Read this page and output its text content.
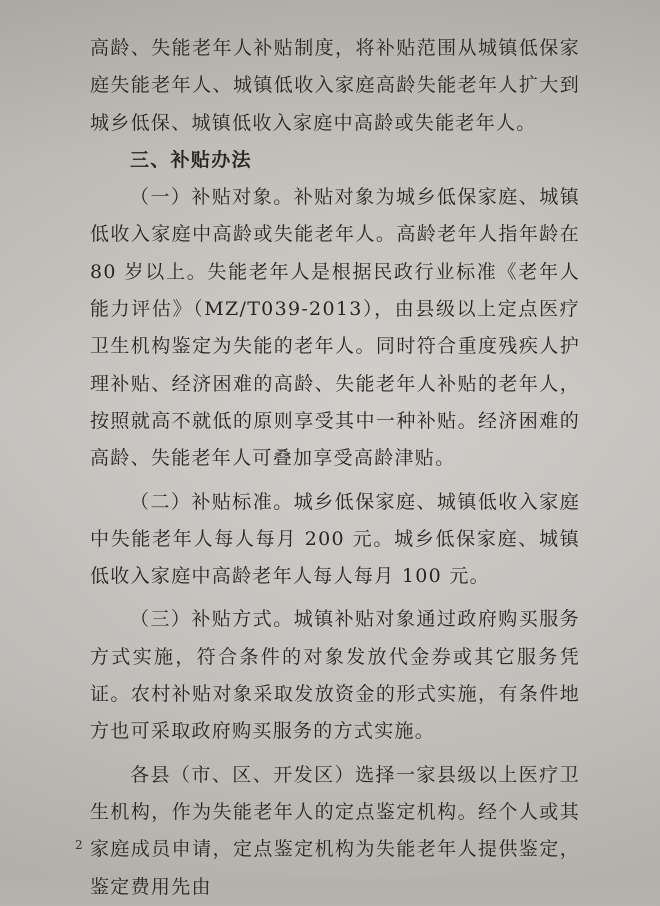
高龄、失能老年人补贴制度，将补贴范围从城镇低保家庭失能老年人、城镇低收入家庭高龄失能老年人扩大到城乡低保、城镇低收入家庭中高龄或失能老年人。

三、补贴办法

（一）补贴对象。补贴对象为城乡低保家庭、城镇低收入家庭中高龄或失能老年人。高龄老年人指年龄在 80 岁以上。失能老年人是根据民政行业标准《老年人能力评估》（MZ/T039-2013），由县级以上定点医疗卫生机构鉴定为失能的老年人。同时符合重度残疾人护理补贴、经济困难的高龄、失能老年人补贴的老年人，按照就高不就低的原则享受其中一种补贴。经济困难的高龄、失能老年人可叠加享受高龄津贴。

（二）补贴标准。城乡低保家庭、城镇低收入家庭中失能老年人每人每月 200 元。城乡低保家庭、城镇低收入家庭中高龄老年人每人每月 100 元。

（三）补贴方式。城镇补贴对象通过政府购买服务方式实施，符合条件的对象发放代金券或其它服务凭证。农村补贴对象采取发放资金的形式实施，有条件地方也可采取政府购买服务的方式实施。

各县（市、区、开发区）选择一家县级以上医疗卫生机构，作为失能老年人的定点鉴定机构。经个人或其家庭成员申请，定点鉴定机构为失能老年人提供鉴定，鉴定费用先由

2
